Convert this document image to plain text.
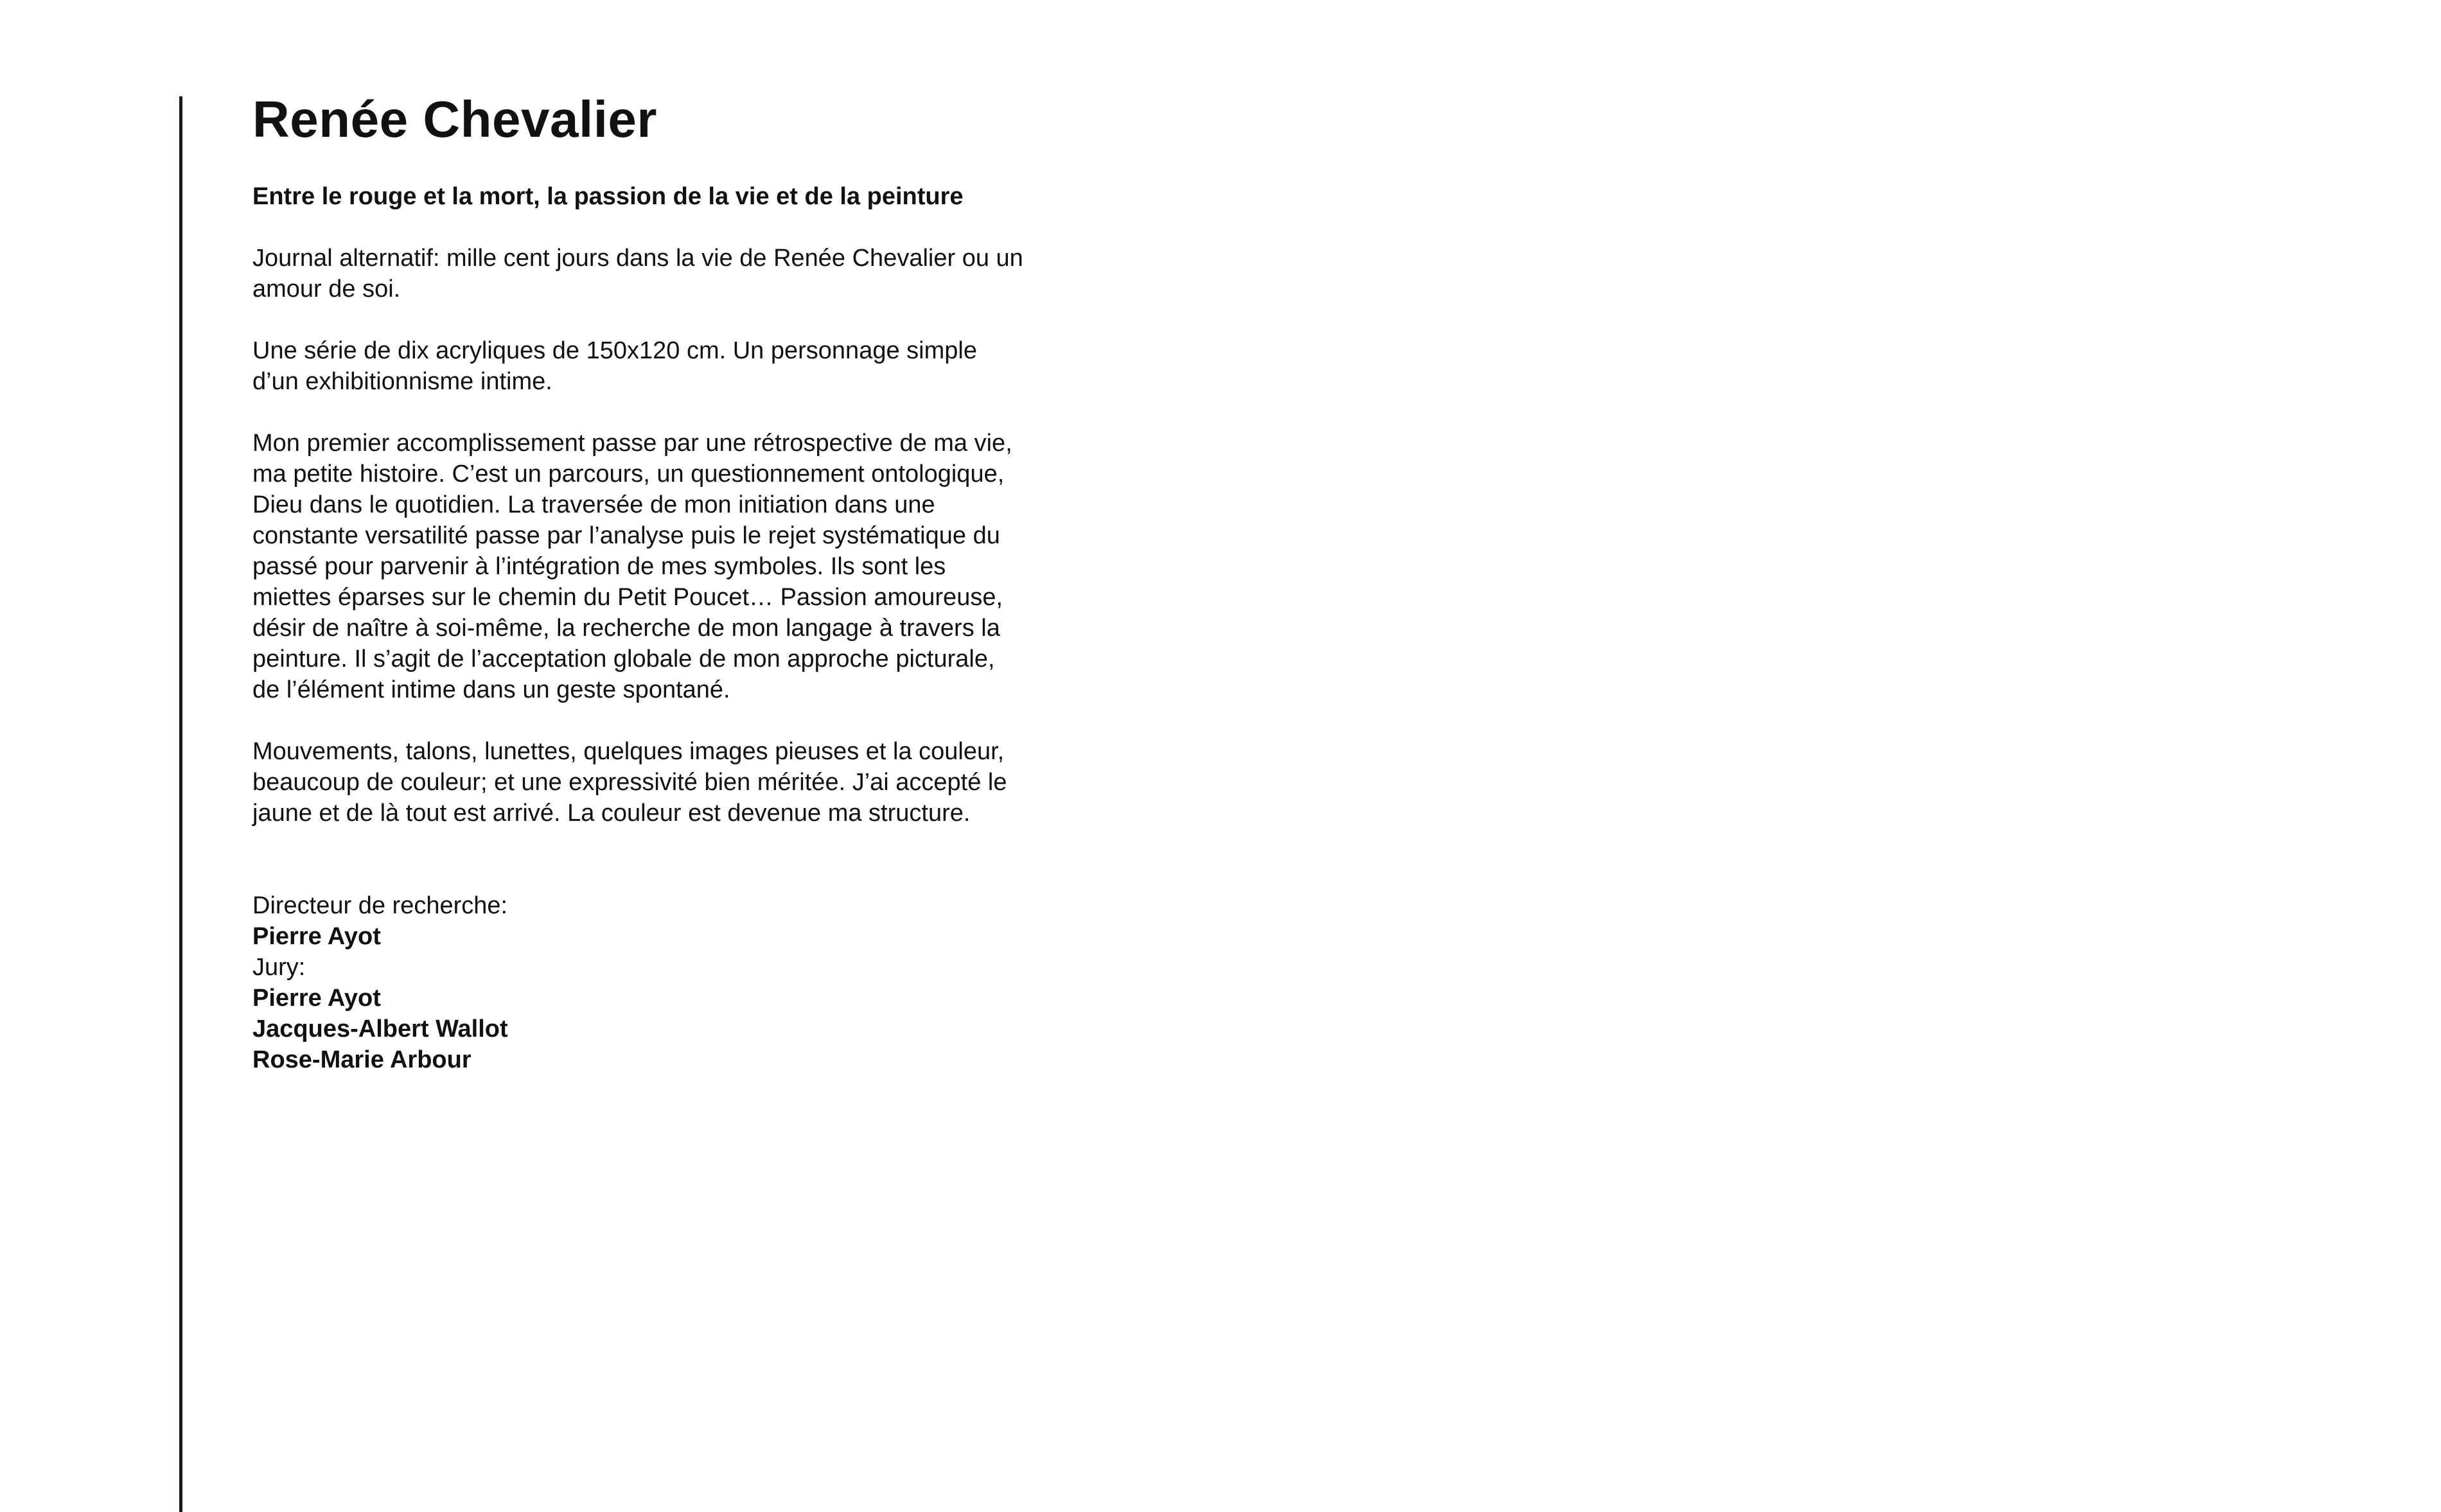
Renée Chevalier

Entre le rouge et la mort, la passion de la vie et de la peinture

Journal alternatif: mille cent jours dans la vie de Renée Chevalier ou un amour de soi.

Une série de dix acryliques de 150x120 cm. Un personnage simple d’un exhibitionnisme intime.

Mon premier accomplissement passe par une rétrospective de ma vie, ma petite histoire. C’est un parcours, un questionnement ontologique, Dieu dans le quotidien. La traversée de mon initiation dans une constante versatilité passe par l’analyse puis le rejet systématique du passé pour parvenir à l’intégration de mes symboles. Ils sont les miettes éparses sur le chemin du Petit Poucet… Passion amoureuse, désir de naître à soi-même, la recherche de mon langage à travers la peinture. Il s’agit de l’acceptation globale de mon approche picturale, de l’élément intime dans un geste spontané.

Mouvements, talons, lunettes, quelques images pieuses et la couleur, beaucoup de couleur; et une expressivité bien méritée. J’ai accepté le jaune et de là tout est arrivé. La couleur est devenue ma structure.

Directeur de recherche:
Pierre Ayot
Jury:
Pierre Ayot
Jacques-Albert Wallot
Rose-Marie Arbour
